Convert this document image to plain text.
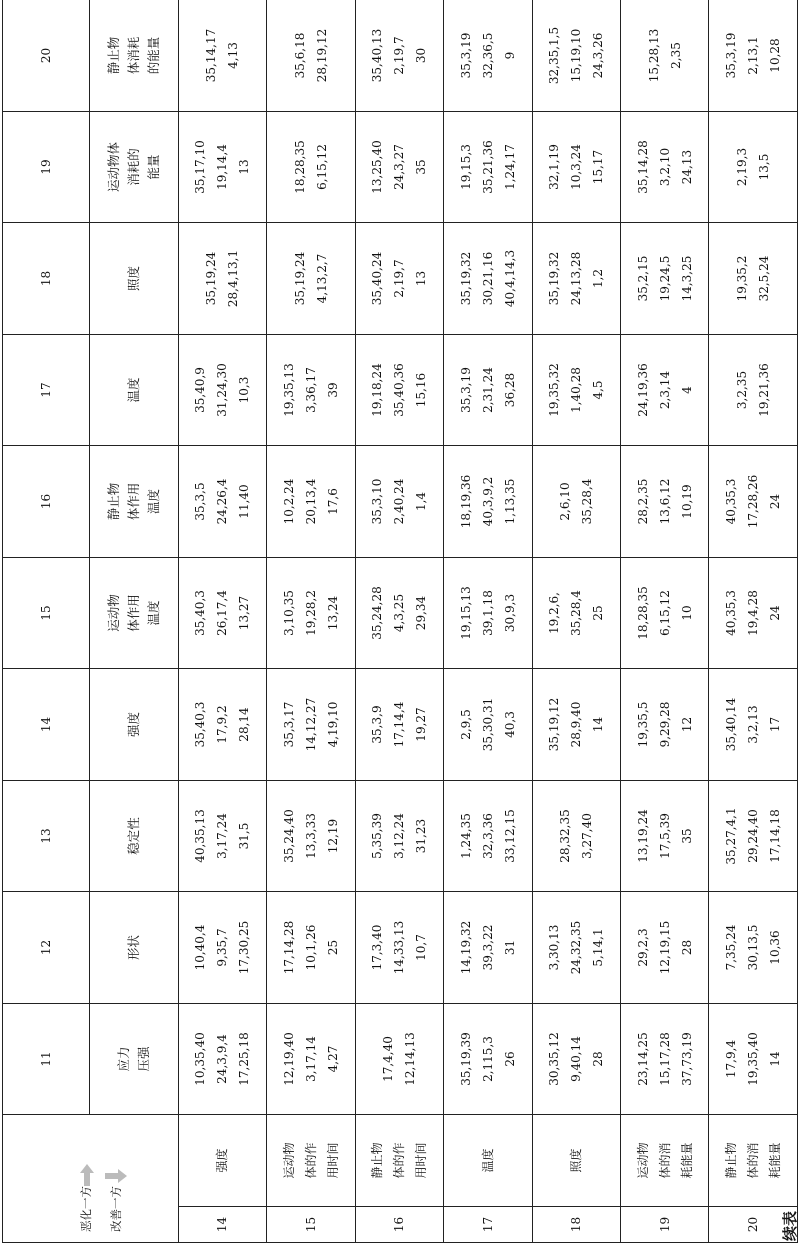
续表
恶化一方 改善一方		11	12	13	14	15	16	17	18	19	20

		应力 压强	形状	稳定性	强度	运动物 体作用 温度	静止物 体作用 温度	温度	照度	运动物体 消耗的 能量	静止物 体消耗 的能量

14	强度	10,35,40 24,3,9,4 17,25,18	10,40,4 9,35,7 17,30,25	40,35,13 3,17,24 31,5	35,40,3 17,9,2 28,14	35,40,3 26,17,4 13,27	35,3,5 24,26,4 11,40	35,40,9 31,24,30 10,3	35,19,24 28,4,13,1	35,17,10 19,14,4 13	35,14,17 4,13

15	运动物 体的作 用时间	12,19,40 3,17,14 4,27	17,14,28 10,1,26 25	35,24,40 13,3,33 12,19	35,3,17 14,12,27 4,19,10	3,10,35 19,28,2 13,24	10,2,24 20,13,4 17,6	19,35,13 3,36,17 39	35,19,24 4,13,2,7	18,28,35 6,15,12	35,6,18 28,19,12

16	静止物 体的作 用时间	17,4,40 12,14,13	17,3,40 14,33,13 10,7	5,35,39 3,12,24 31,23	35,3,9 17,14,4 19,27	35,24,28 4,3,25 29,34	35,3,10 2,40,24 1,4	19,18,24 35,40,36 15,16	35,40,24 2,19,7 13	13,25,40 24,3,27 35	35,40,13 2,19,7 30

17	温度	35,19,39 2,115,3 26	14,19,32 39,3,22 31	1,24,35 32,3,36 33,12,15	2,9,5 35,30,31 40,3	19,15,13 39,1,18 30,9,3	18,19,36 40,3,9,2 1,13,35	35,3,19 2,31,24 36,28	35,19,32 30,21,16 40,4,14,3	19,15,3 35,21,36 1,24,17	35,3,19 32,36,5 9

18	照度	30,35,12 9,40,14 28	3,30,13 24,32,35 5,14,1	28,32,35 3,27,40	35,19,12 28,9,40 14	19,2,6, 35,28,4 25	2,6,10 35,28,4	19,35,32 1,40,28 4,5	35,19,32 24,13,28 1,2	32,1,19 10,3,24 15,17	32,35,1,5 15,19,10 24,3,26

19	运动物 体的消 耗能量	23,14,25 15,17,28 37,73,19	29,2,3 12,19,15 28	13,19,24 17,5,39 35	19,35,5 9,29,28 12	18,28,35 6,15,12 10	28,2,35 13,6,12 10,19	24,19,36 2,3,14 4	35,2,15 19,24,5 14,3,25	35,14,28 3,2,10 24,13	15,28,13 2,35

20	静止物 体的消 耗能量	17,9,4 19,35,40 14	7,35,24 30,13,5 10,36	35,27,4,1 29,24,40 17,14,18	35,40,14 3,2,13 17	40,35,3 19,4,28 24	40,35,3 17,28,26 24	3,2,35 19,21,36	19,35,2 32,5,24	2,19,3 13,5	35,3,19 2,13,1 10,28
